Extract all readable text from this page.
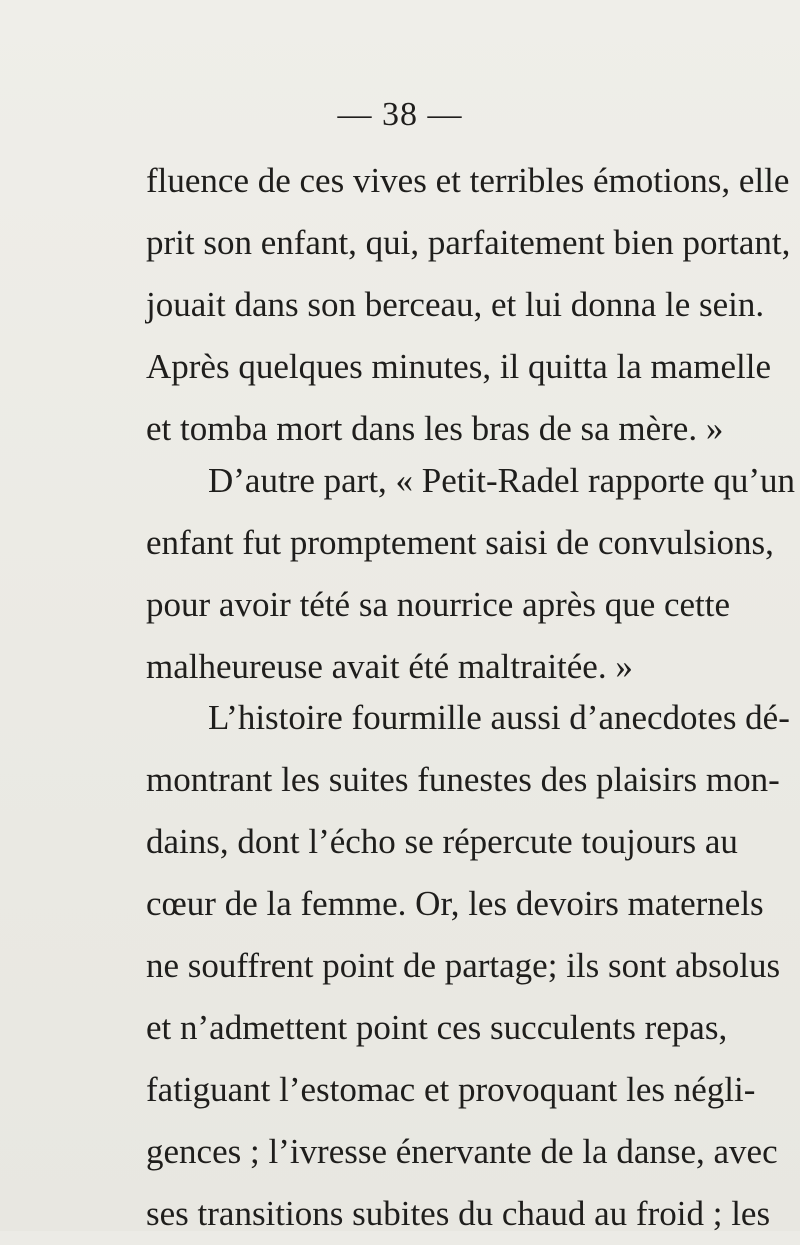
— 38 —
fluence de ces vives et terribles émotions, elle
prit son enfant, qui, parfaitement bien portant,
jouait dans son berceau, et lui donna le sein.
Après quelques minutes, il quitta la mamelle
et tomba mort dans les bras de sa mère. »
D’autre part, « Petit-Radel rapporte qu’un
enfant fut promptement saisi de convulsions,
pour avoir tété sa nourrice après que cette
malheureuse avait été maltraitée. »
L’histoire fourmille aussi d’anecdotes dé-
montrant les suites funestes des plaisirs mon-
dains, dont l’écho se répercute toujours au
cœur de la femme. Or, les devoirs maternels
ne souffrent point de partage; ils sont absolus
et n’admettent point ces succulents repas,
fatiguant l’estomac et provoquant les négli-
gences ; l’ivresse énervante de la danse, avec
ses transitions subites du chaud au froid ; les
